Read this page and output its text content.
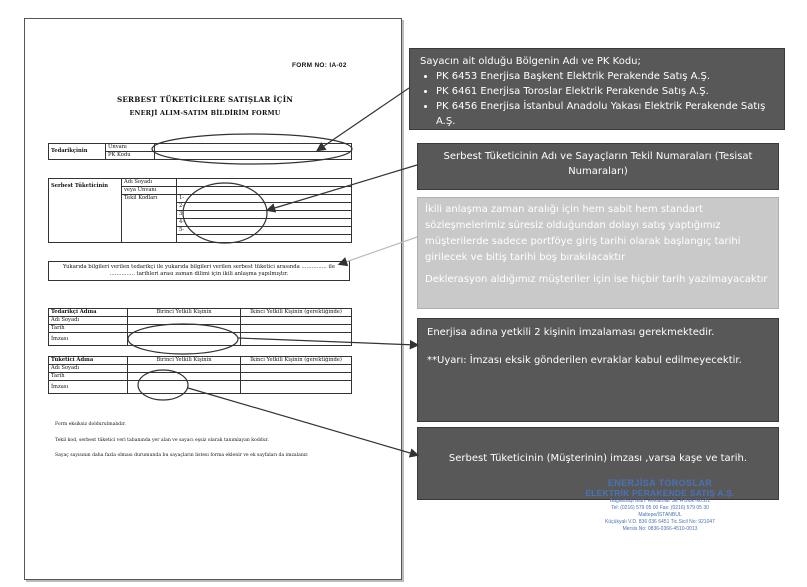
FORM NO: IA-02
SERBEST TÜKETİCİLERE SATIŞLAR İÇİN
ENERJİ ALIM-SATIM BİLDİRİM FORMU
Tedarikçinin	Unvanı	
	PK Kodu	
Serbest Tüketicinin	Adı Soyadı	
	veya Unvanı	
	Tekil Kodları	1-
		2-
		3-
		4-
		5-

Yukarıda bilgileri verilen tedarikçi ile yukarıda bilgileri verilen serbest tüketici arasında ............... ile ............... tarihleri arası zaman dilimi için ikili anlaşma yapılmıştır.
Tedarikçi Adına	Birinci Yetkili Kişinin	İkinci Yetkili Kişinin (gerektiğinde)
Adı Soyadı		
Tarih		
İmzası		
Tüketici Adına	Birinci Yetkili Kişinin	İkinci Yetkili Kişinin (gerektiğinde)
Adı Soyadı		
Tarih		
İmzası		
Form eksiksiz doldurulmalıdır.
Tekil kod, serbest tüketici veri tabanında yer alan ve sayacı eşsiz olarak tanımlayan koddur.
Sayaç sayısının daha fazla olması durumunda bu sayaçların listesi forma eklenir ve ek sayfaları da imzalanır.
Sayacın ait olduğu Bölgenin Adı ve PK Kodu;
• PK 6453 Enerjisa Başkent Elektrik Perakende Satış A.Ş.
• PK 6461 Enerjisa Toroslar Elektrik Perakende Satış A.Ş.
• PK 6456 Enerjisa İstanbul Anadolu Yakası Elektrik Perakende Satış A.Ş.
Serbest Tüketicinin Adı ve Sayaçların Tekil Numaraları (Tesisat Numaraları)

İkili anlaşma zaman aralığı için hem sabit hem standart sözleşmelerimiz süresiz olduğundan dolayı satış yaptığımız müşterilerde sadece portföye giriş tarihi olarak başlangıç tarihi girilecek ve bitiş tarihi boş bırakılacaktır

Deklerasyon aldığımız müşteriler için ise hiçbir tarih yazılmayacaktır

Enerjisa adına yetkili 2 kişinin imzalaması gerekmektedir.

**Uyarı: İmzası eksik gönderilen evraklar kabul edilmeyecektir.

Serbest Tüketicinin (Müşterinin) imzası ,varsa kaşe ve tarih.
ENERJİSA TOROSLAR
ELEKTRİK PERAKENDE SATIŞ A.Ş.
Bağlarbaşı Mah. Reklamlar Sk. A Blok No:2/1
Tel: (0216) 579 05 00 Fax: (0216) 579 05 30
Maltepe/İSTANBUL
Küçükyalı V.D. 836 036 6451 Tic.Sicil No: 921047
Mersis No: 0836-0366-4510-0013
